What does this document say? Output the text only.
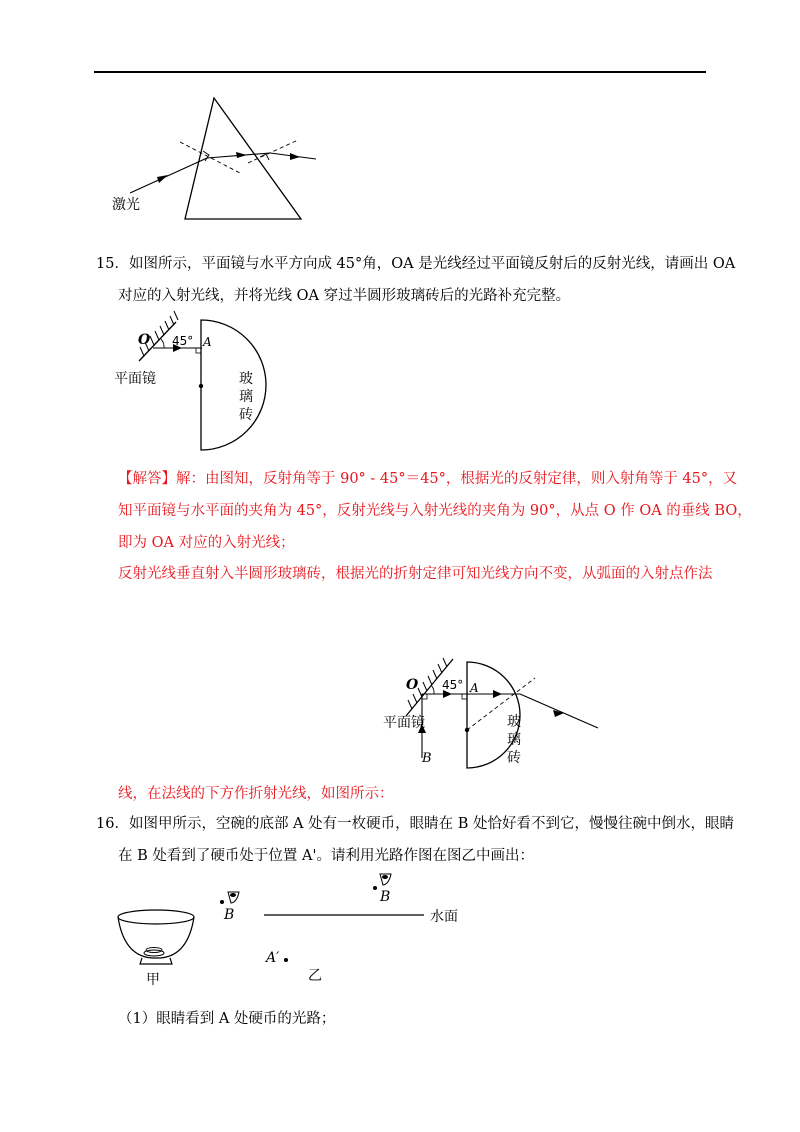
激光
15．如图所示，平面镜与水平方向成 45°角，OA 是光线经过平面镜反射后的反射光线，请画出 OA
对应的入射光线，并将光线 OA 穿过半圆形玻璃砖后的光路补充完整。
O 45° A
平面镜	玻
璃
砖
【解答】解：由图知，反射角等于 90° - 45°＝45°，根据光的反射定律，则入射角等于 45°，又
知平面镜与水平面的夹角为 45°，反射光线与入射光线的夹角为 90°，从点 O 作 OA 的垂线 BO，
即为 OA 对应的入射光线；
反射光线垂直射入半圆形玻璃砖，根据光的折射定律可知光线方向不变，从弧面的入射点作法
O 45° A
平面镜
B
玻
璃
砖
线，在法线的下方作折射光线，如图所示：
16．如图甲所示，空碗的底部 A 处有一枚硬币，眼睛在 B 处恰好看不到它，慢慢往碗中倒水，眼睛
在 B 处看到了硬币处于位置 A'。请利用光路作图在图乙中画出：
甲
B	水面
B
A′
乙
（1）眼睛看到 A 处硬币的光路；
